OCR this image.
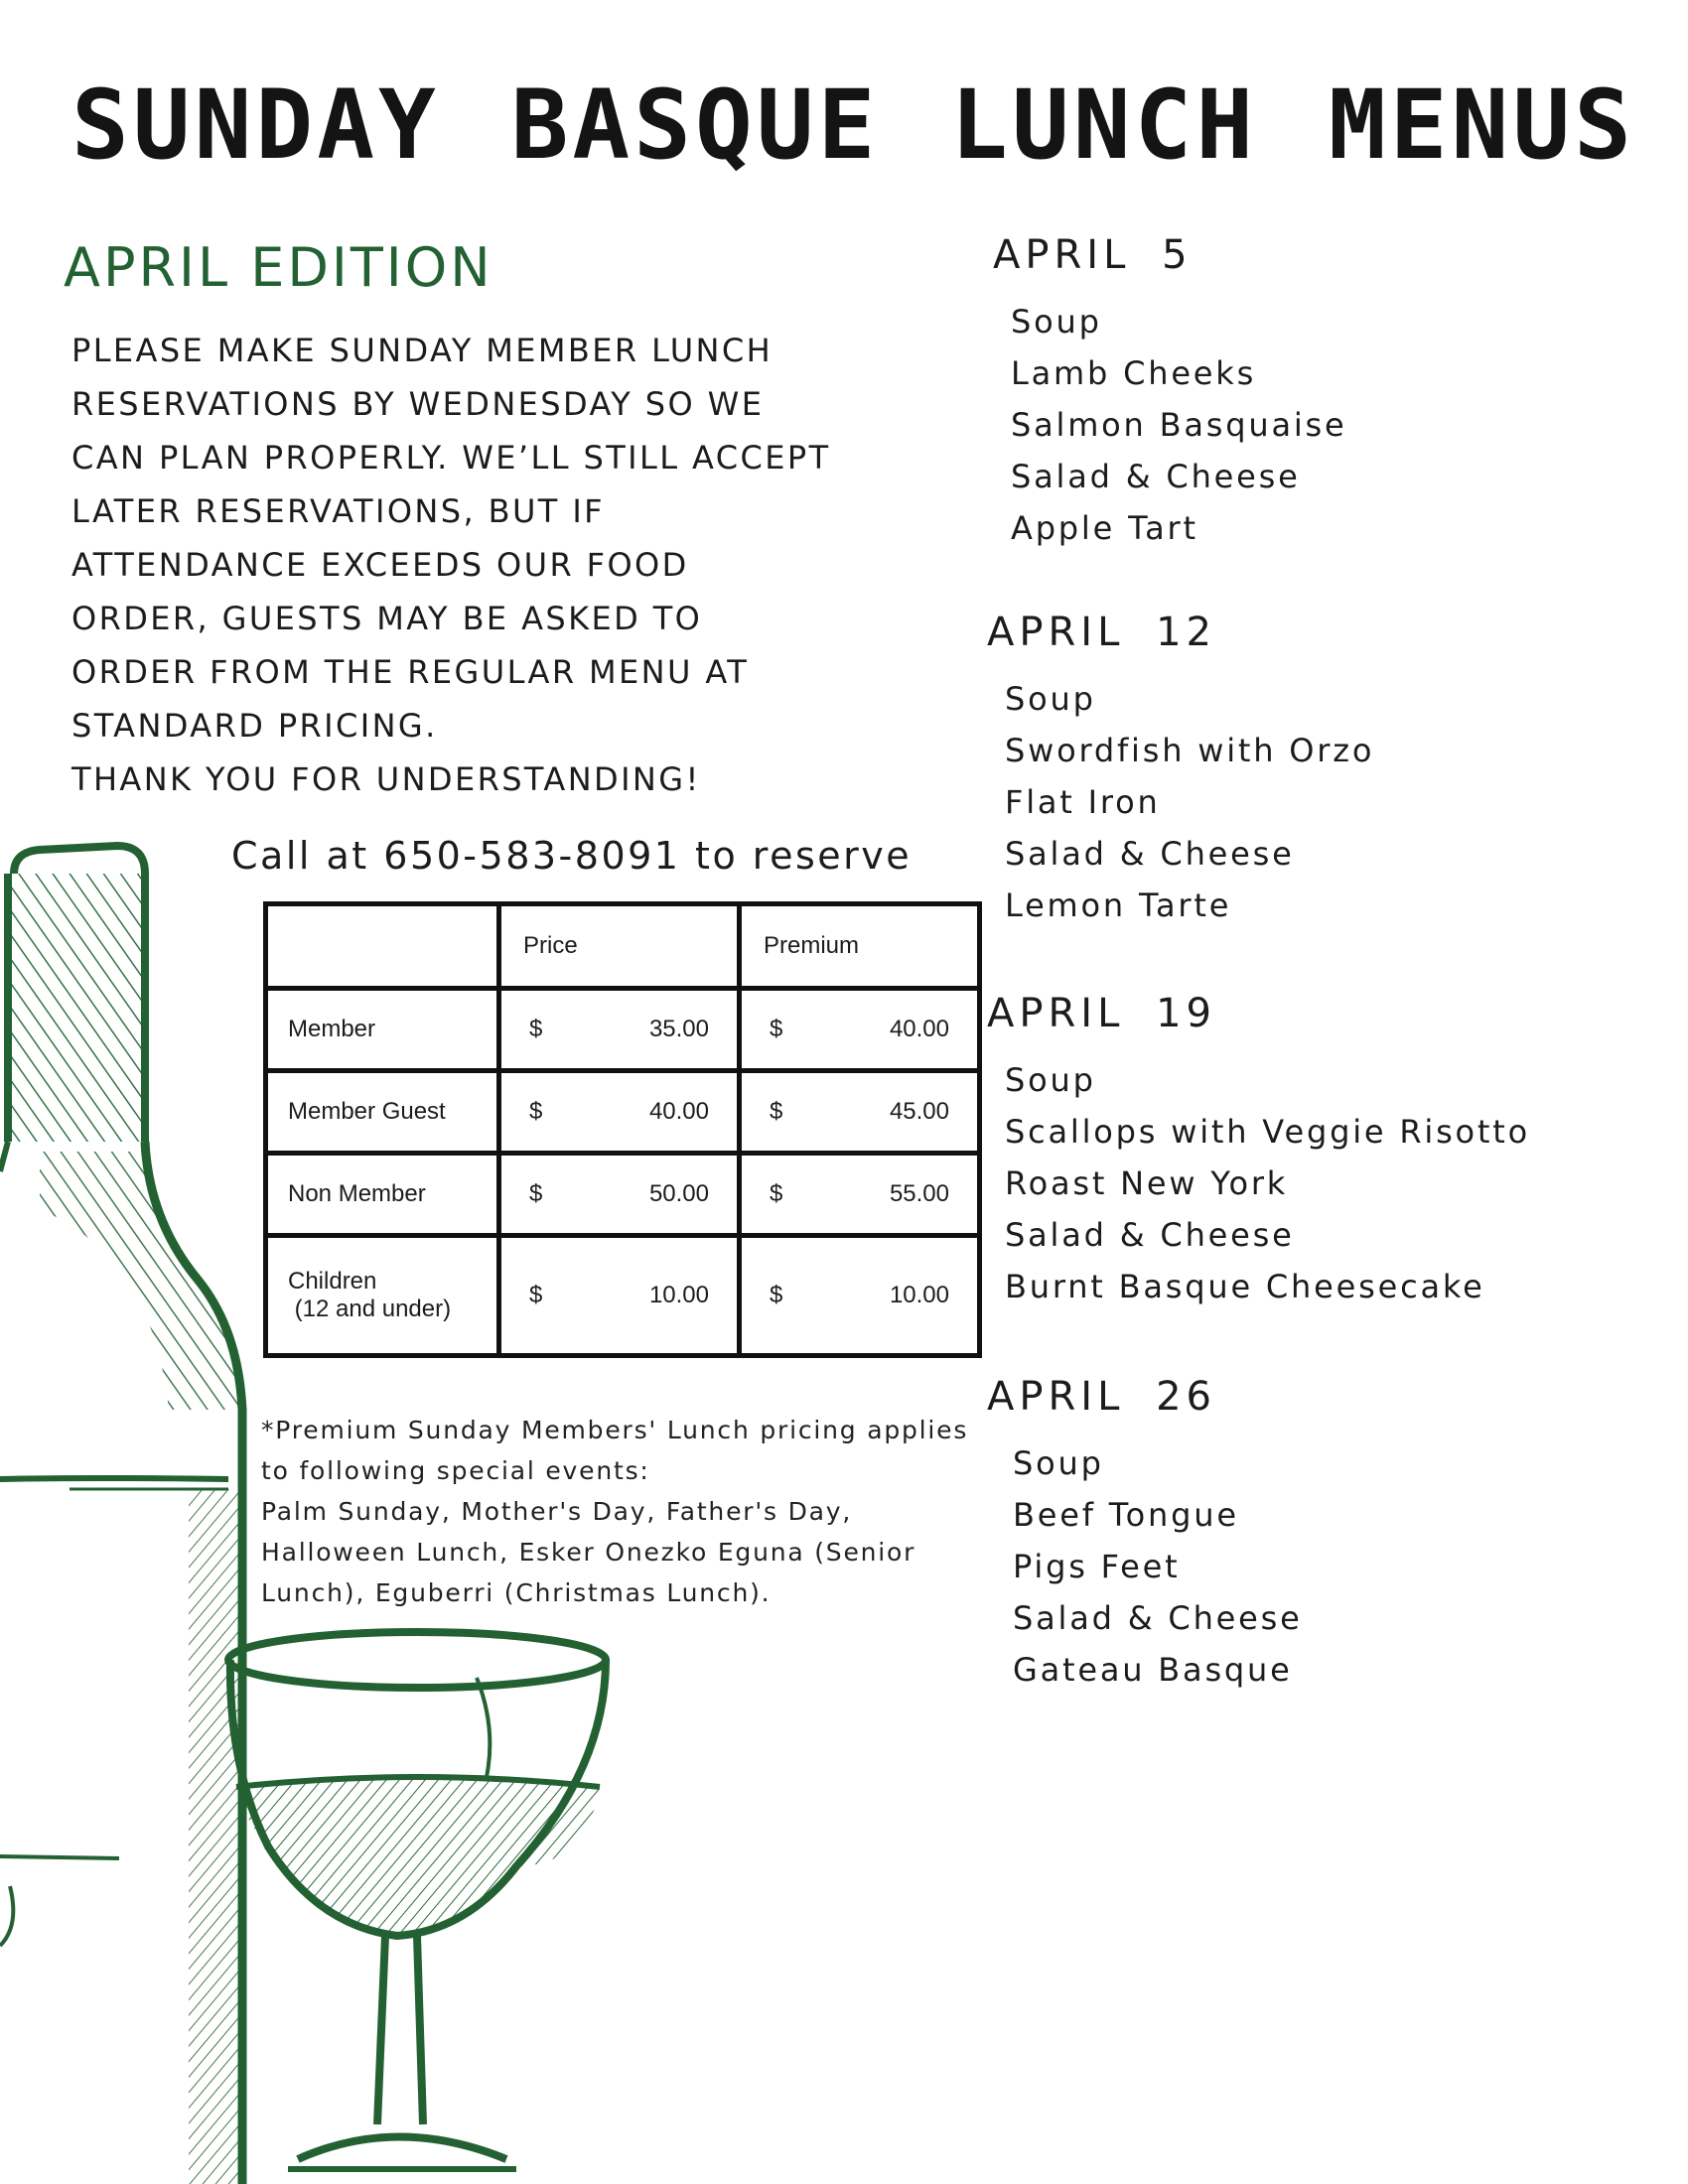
SUNDAY BASQUE LUNCH MENUS
APRIL EDITION
PLEASE MAKE SUNDAY MEMBER LUNCH
RESERVATIONS BY WEDNESDAY SO WE
CAN PLAN PROPERLY. WE’LL STILL ACCEPT
LATER RESERVATIONS, BUT IF
ATTENDANCE EXCEEDS OUR FOOD
ORDER, GUESTS MAY BE ASKED TO
ORDER FROM THE REGULAR MENU AT
STANDARD PRICING.
THANK YOU FOR UNDERSTANDING!
Call at 650-583-8091 to reserve
	Price	Premium
Member	$ 35.00	$ 40.00

Member Guest	$ 40.00	$ 45.00

Non Member	$ 50.00	$ 55.00

Children
(12 and under)	$ 10.00	$ 10.00
*Premium Sunday Members' Lunch pricing applies
to following special events:
Palm Sunday, Mother's Day, Father's Day,
Halloween Lunch, Esker Onezko Eguna (Senior
Lunch), Eguberri (Christmas Lunch).
APRIL 5
Soup
Lamb Cheeks
Salmon Basquaise
Salad & Cheese
Apple Tart
APRIL 12
Soup
Swordfish with Orzo
Flat Iron
Salad & Cheese
Lemon Tarte
APRIL 19
Soup
Scallops with Veggie Risotto
Roast New York
Salad & Cheese
Burnt Basque Cheesecake
APRIL 26
Soup
Beef Tongue
Pigs Feet
Salad & Cheese
Gateau Basque
